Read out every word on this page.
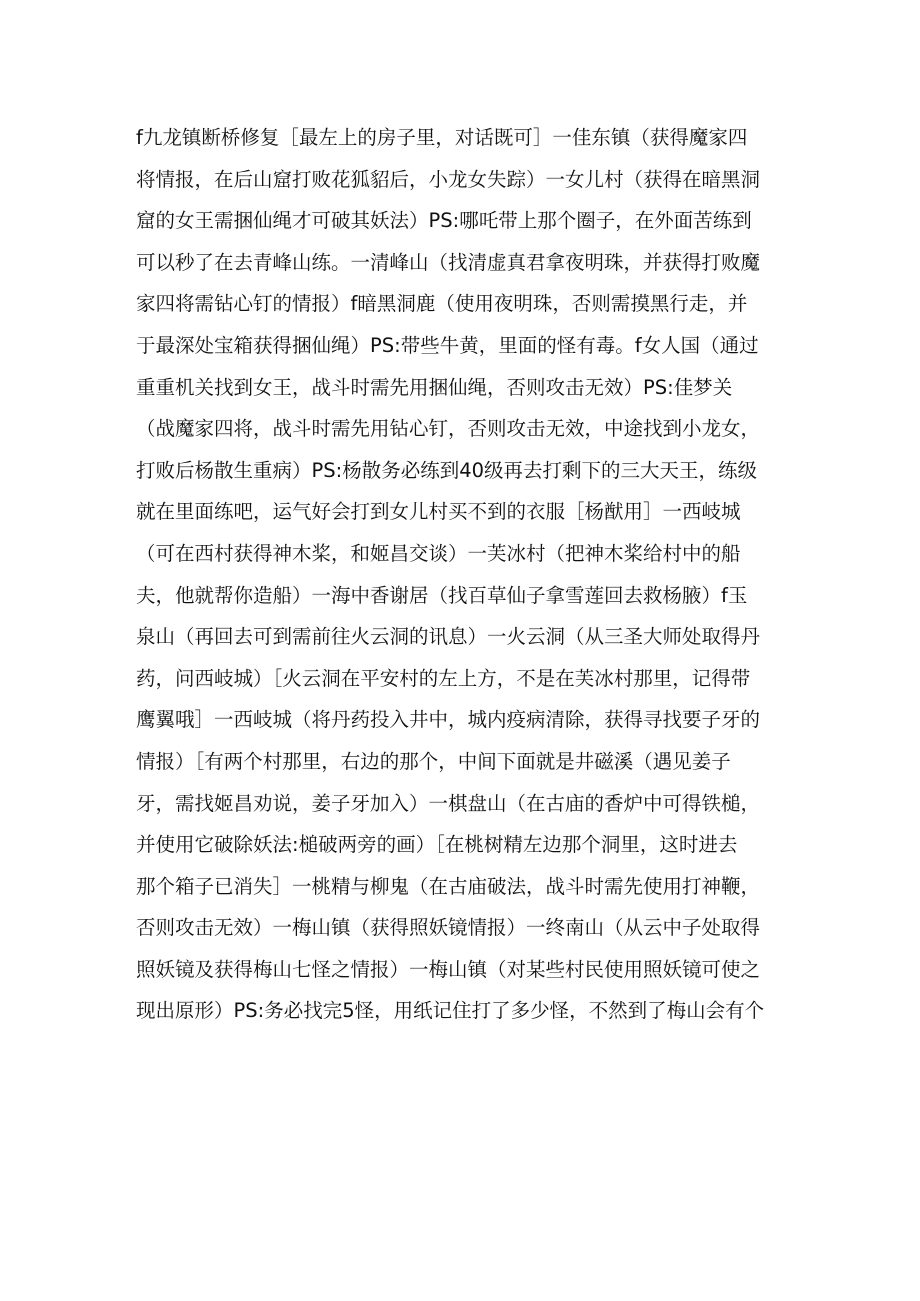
f九龙镇断桥修复［最左上的房子里，对话既可］一佳东镇（获得魔家四
将情报，在后山窟打败花狐貂后，小龙女失踪）一女儿村（获得在暗黑洞
窟的女王需捆仙绳才可破其妖法）PS:哪吒带上那个圈子，在外面苦练到
可以秒了在去青峰山练。一清峰山（找清虚真君拿夜明珠，并获得打败魔
家四将需钻心钉的情报）f暗黑洞鹿（使用夜明珠，否则需摸黑行走，并
于最深处宝箱获得捆仙绳）PS:带些牛黄，里面的怪有毒。f女人国（通过
重重机关找到女王，战斗时需先用捆仙绳，否则攻击无效）PS:佳梦关
（战魔家四将，战斗时需先用钻心钉，否则攻击无效，中途找到小龙女，
打败后杨散生重病）PS:杨散务必练到40级再去打剩下的三大天王，练级
就在里面练吧，运气好会打到女儿村买不到的衣服［杨猷用］一西岐城
（可在西村获得神木桨，和姬昌交谈）一芙冰村（把神木桨给村中的船
夫，他就帮你造船）一海中香谢居（找百草仙子拿雪莲回去救杨腋）f玉
泉山（再回去可到需前往火云洞的讯息）一火云洞（从三圣大师处取得丹
药，问西岐城）［火云洞在平安村的左上方，不是在芙冰村那里，记得带
鹰翼哦］一西岐城（将丹药投入井中，城内疫病清除，获得寻找要子牙的
情报）［有两个村那里，右边的那个，中间下面就是井磁溪（遇见姜子
牙，需找姬昌劝说，姜子牙加入）一棋盘山（在古庙的香炉中可得铁槌，
并使用它破除妖法:槌破两旁的画）［在桃树精左边那个洞里，这时进去
那个箱子已消失］一桃精与柳鬼（在古庙破法，战斗时需先使用打神鞭，
否则攻击无效）一梅山镇（获得照妖镜情报）一终南山（从云中子处取得
照妖镜及获得梅山七怪之情报）一梅山镇（对某些村民使用照妖镜可使之
现出原形）PS:务必找完5怪，用纸记住打了多少怪，不然到了梅山会有个
